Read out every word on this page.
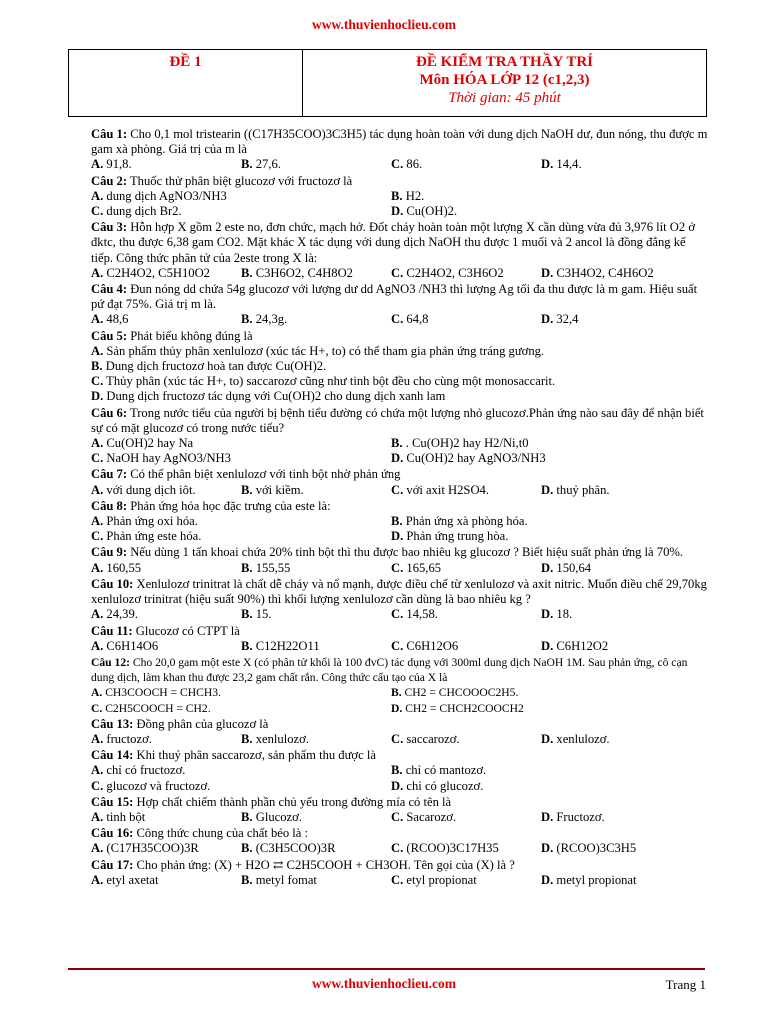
www.thuvienhoclieu.com
ĐỀ 1	ĐỀ KIỂM TRA THẦY TRÍ
Môn HÓA LỚP 12 (c1,2,3)
Thời gian: 45 phút
Câu 1: Cho 0,1 mol tristearin ((C17H35COO)3C3H5) tác dụng hoàn toàn với dung dịch NaOH dư, đun nóng, thu được m gam xà phòng. Giá trị của m là
A. 91,8.	B. 27,6.	C. 86.	D. 14,4.
Câu 2: Thuốc thử phân biệt glucozơ với fructozơ là
A. dung dịch AgNO3/NH3	B. H2.
C. dung dịch Br2.	D. Cu(OH)2.
Câu 3: Hỗn hợp X gồm 2 este no, đơn chức, mạch hở. Đốt cháy hoàn toàn một lượng X cần dùng vừa đủ 3,976 lít O2 ở đktc, thu được 6,38 gam CO2. Mặt khác X tác dụng với dung dịch NaOH thu được 1 muối và 2 ancol là đồng đẳng kế tiếp. Công thức phân tử của 2este trong X là:
A. C2H4O2, C5H10O2	B. C3H6O2, C4H8O2	C. C2H4O2, C3H6O2	D. C3H4O2, C4H6O2
Câu 4: Đun nóng dd chứa 54g glucozơ với lượng dư dd AgNO3 /NH3 thì lượng Ag tối đa thu được là m gam. Hiệu suất pứ đạt 75%. Giá trị m là.
A. 48,6	B. 24,3g.	C. 64,8	D. 32,4
Câu 5: Phát biểu không đúng là
A. Sản phẩm thủy phân xenlulozơ (xúc tác H+, to) có thể tham gia phản ứng tráng gương.
B. Dung dịch fructozơ hoà tan được Cu(OH)2.
C. Thủy phân (xúc tác H+, to) saccarozơ cũng như tinh bột đều cho cùng một monosaccarit.
D. Dung dịch fructozơ tác dụng với Cu(OH)2 cho dung dịch xanh lam
Câu 6: Trong nước tiểu của người bị bệnh tiểu đường có chứa một lượng nhỏ glucozơ.Phản ứng nào sau đây để nhận biết sự có mặt glucozơ có trong nước tiểu?
A. Cu(OH)2 hay Na	B. . Cu(OH)2 hay H2/Ni,t0
C. NaOH hay AgNO3/NH3	D. Cu(OH)2 hay AgNO3/NH3
Câu 7: Có thể phân biệt xenlulozơ với tinh bột nhờ phản ứng
A. với dung dịch iôt.	B. với kiềm.	C. với axit H2SO4.	D. thuỷ phân.
Câu 8: Phản ứng hóa học đặc trưng của este là:
A. Phản ứng oxi hóa.	B. Phản ứng xà phòng hóa.
C. Phản ứng este hóa.	D. Phản ứng trung hòa.
Câu 9: Nếu dùng 1 tấn khoai chứa 20% tinh bột thì thu được bao nhiêu kg glucozơ ? Biết hiệu suất phản ứng là 70%.
A. 160,55	B. 155,55	C. 165,65	D. 150,64
Câu 10: Xenlulozơ trinitrat là chất dễ cháy và nổ mạnh, được điều chế từ xenlulozơ và axit nitric. Muốn điều chế 29,70kg xenlulozơ trinitrat (hiệu suất 90%) thì khối lượng xenlulozơ cần dùng là bao nhiêu kg ?
A. 24,39.	B. 15.	C. 14,58.	D. 18.
Câu 11: Glucozơ có CTPT là
A. C6H14O6	B. C12H22O11	C. C6H12O6	D. C6H12O2
Câu 12: Cho 20,0 gam một este X (có phân tử khối là 100 đvC) tác dụng với 300ml dung dịch NaOH 1M. Sau phản ứng, cô cạn dung dịch, làm khan thu được 23,2 gam chất rắn. Công thức cấu tạo của X là
A. CH3COOCH = CHCH3.	B. CH2 = CHCOOOC2H5.
C. C2H5COOCH = CH2.	D. CH2 = CHCH2COOCH2
Câu 13: Đồng phân của glucozơ là
A. fructozơ.	B. xenlulozơ.	C. saccarozơ.	D. xenlulozơ.
Câu 14: Khi thuỷ phân saccarozơ, sản phẩm thu được là
A. chỉ có fructozơ.	B. chỉ có mantozơ.
C. glucozơ và fructozơ.	D. chỉ có glucozơ.
Câu 15: Hợp chất chiếm thành phần chủ yếu trong đường mía có tên là
A. tinh bột	B. Glucozơ.	C. Sacarozơ.	D. Fructozơ.
Câu 16: Công thức chung của chất béo là :
A. (C17H35COO)3R	B. (C3H5COO)3R	C. (RCOO)3C17H35	D. (RCOO)3C3H5
Câu 17: Cho phản ứng: (X) + H2O ⇄ C2H5COOH + CH3OH. Tên gọi của (X) là ?
A. etyl axetat	B. metyl fomat	C. etyl propionat	D. metyl propionat
www.thuvienhoclieu.com	Trang 1
